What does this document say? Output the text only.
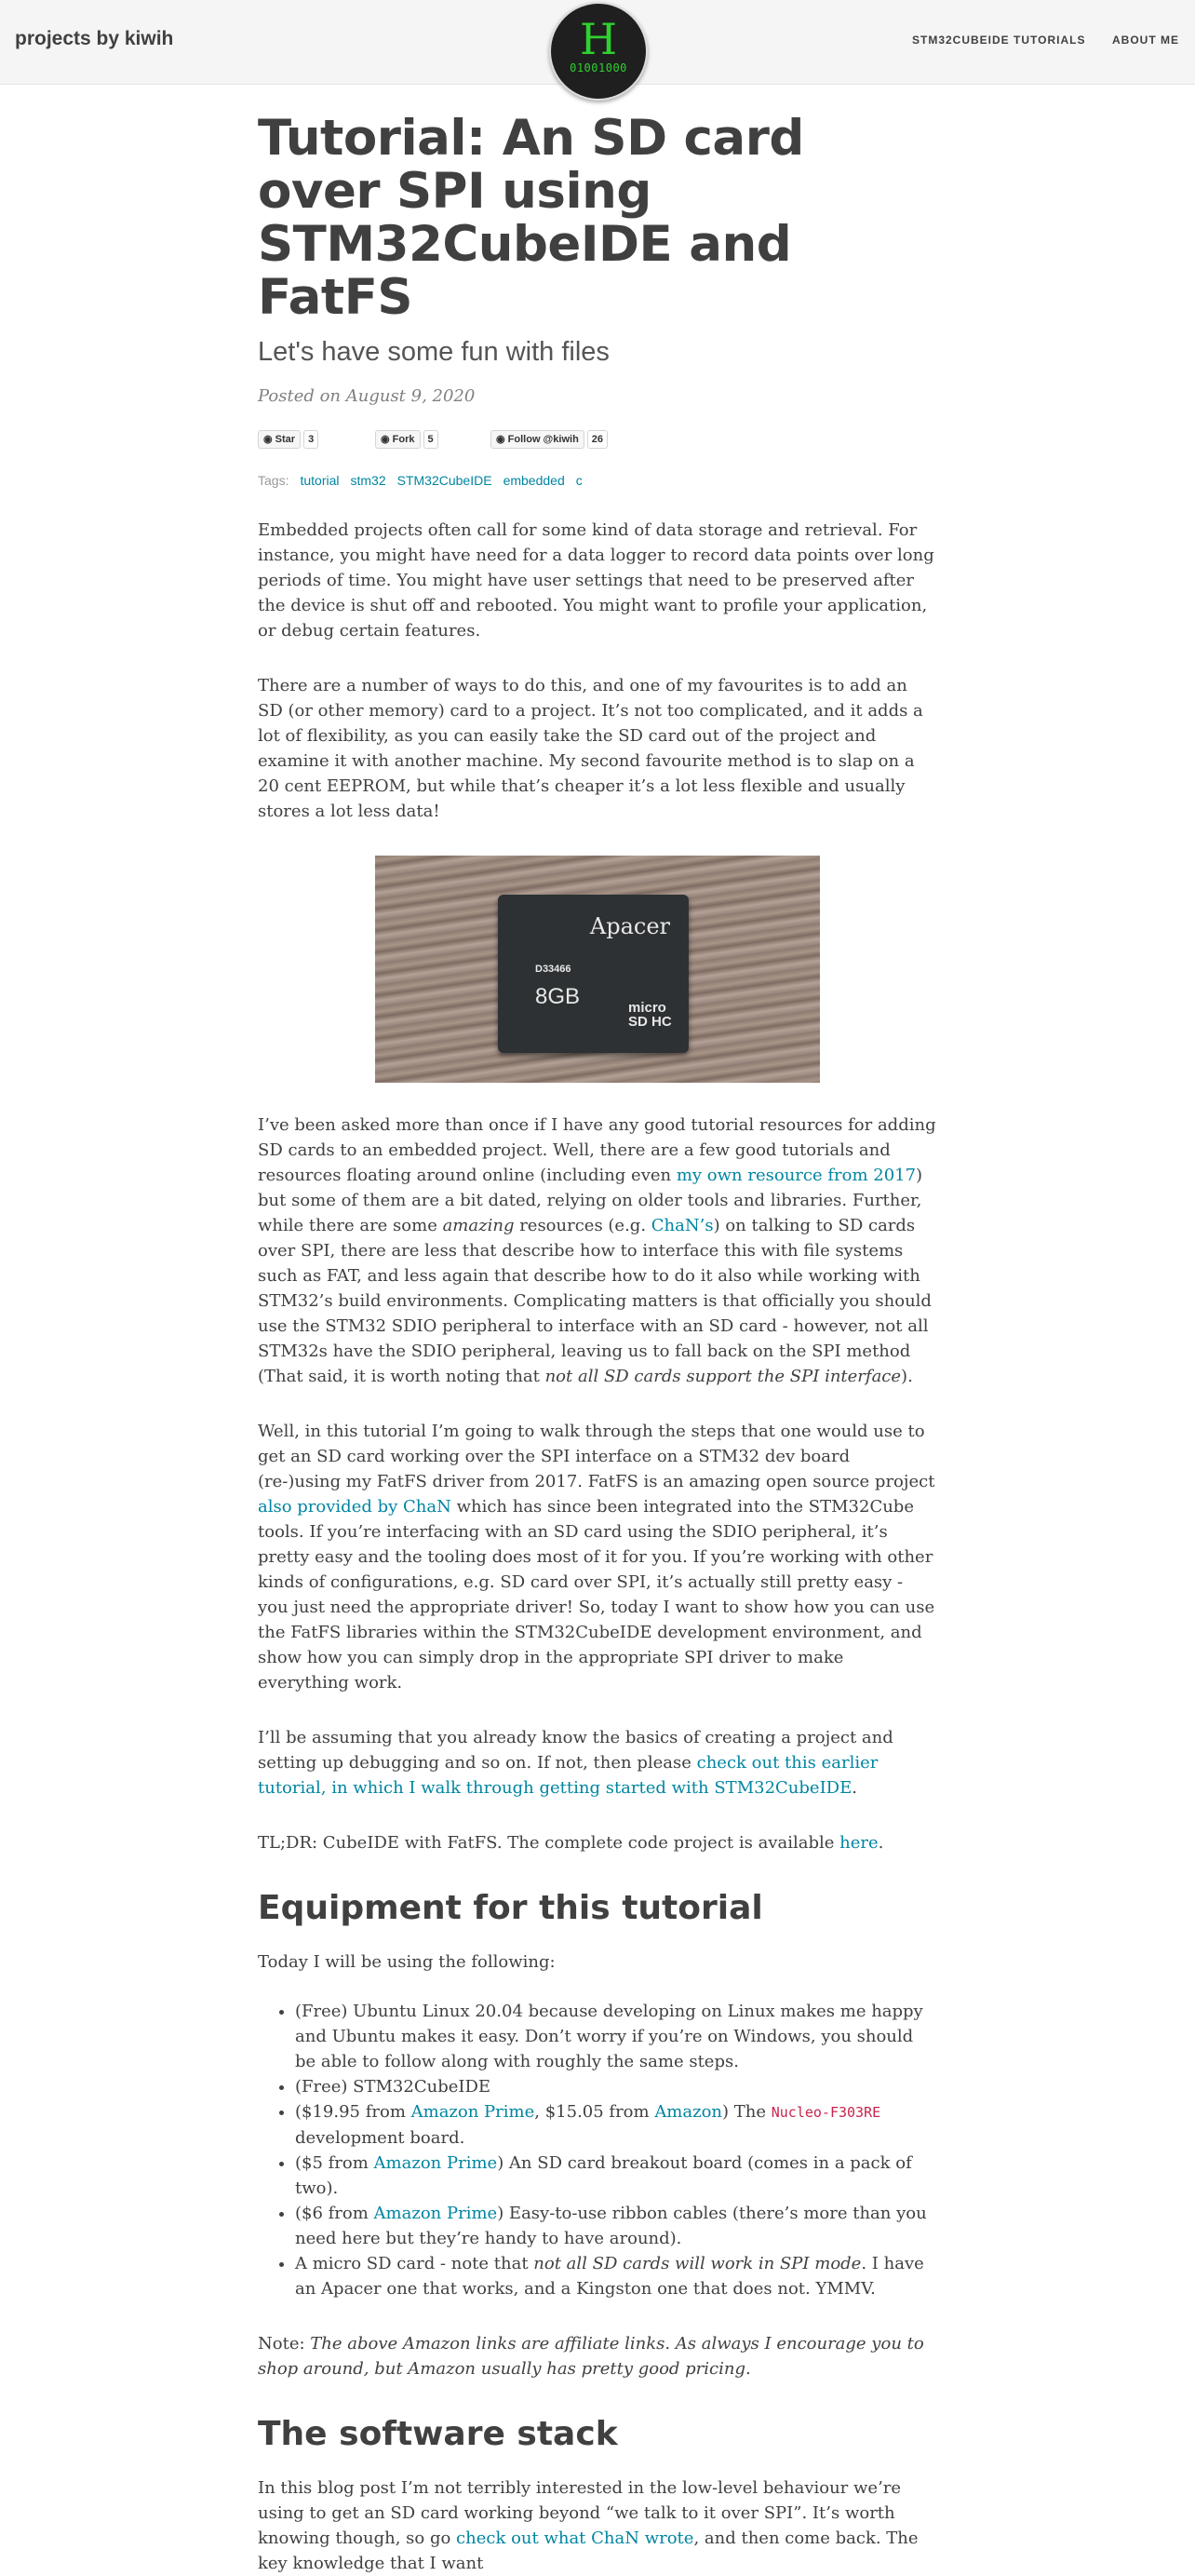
projects by kiwih	H
01001000
STM32CUBEIDE TUTORIALS ABOUT ME
Tutorial: An SD card over SPI using STM32CubeIDE and FatFS
Let's have some fun with files
Posted on August 9, 2020
◉ Star 3	◉ Fork 5	◉ Follow @kiwih 26
Tags: tutorial stm32 STM32CubeIDE embedded c

Embedded projects often call for some kind of data storage and retrieval. For instance, you might have need for a data logger to record data points over long periods of time. You might have user settings that need to be preserved after the device is shut off and rebooted. You might want to profile your application, or debug certain features.

There are a number of ways to do this, and one of my favourites is to add an SD (or other memory) card to a project. It’s not too complicated, and it adds a lot of flexibility, as you can easily take the SD card out of the project and examine it with another machine. My second favourite method is to slap on a 20 cent EEPROM, but while that’s cheaper it’s a lot less flexible and usually stores a lot less data!

Apacer
D33466
8GB	micro SD HC

I’ve been asked more than once if I have any good tutorial resources for adding SD cards to an embedded project. Well, there are a few good tutorials and resources floating around online (including even my own resource from 2017) but some of them are a bit dated, relying on older tools and libraries. Further, while there are some amazing resources (e.g. ChaN’s) on talking to SD cards over SPI, there are less that describe how to interface this with file systems such as FAT, and less again that describe how to do it also while working with STM32’s build environments. Complicating matters is that officially you should use the STM32 SDIO peripheral to interface with an SD card - however, not all STM32s have the SDIO peripheral, leaving us to fall back on the SPI method (That said, it is worth noting that not all SD cards support the SPI interface).

Well, in this tutorial I’m going to walk through the steps that one would use to get an SD card working over the SPI interface on a STM32 dev board (re-)using my FatFS driver from 2017. FatFS is an amazing open source project also provided by ChaN which has since been integrated into the STM32Cube tools. If you’re interfacing with an SD card using the SDIO peripheral, it’s pretty easy and the tooling does most of it for you. If you’re working with other kinds of configurations, e.g. SD card over SPI, it’s actually still pretty easy - you just need the appropriate driver! So, today I want to show how you can use the FatFS libraries within the STM32CubeIDE development environment, and show how you can simply drop in the appropriate SPI driver to make everything work.

I’ll be assuming that you already know the basics of creating a project and setting up debugging and so on. If not, then please check out this earlier tutorial, in which I walk through getting started with STM32CubeIDE.

TL;DR: CubeIDE with FatFS. The complete code project is available here.

Equipment for this tutorial

Today I will be using the following:

• (Free) Ubuntu Linux 20.04 because developing on Linux makes me happy and Ubuntu makes it easy. Don’t worry if you’re on Windows, you should be able to follow along with roughly the same steps.
• (Free) STM32CubeIDE
• ($19.95 from Amazon Prime, $15.05 from Amazon) The Nucleo-F303RE development board.
• ($5 from Amazon Prime) An SD card breakout board (comes in a pack of two).
• ($6 from Amazon Prime) Easy-to-use ribbon cables (there’s more than you need here but they’re handy to have around).
• A micro SD card - note that not all SD cards will work in SPI mode. I have an Apacer one that works, and a Kingston one that does not. YMMV.

Note: The above Amazon links are affiliate links. As always I encourage you to shop around, but Amazon usually has pretty good pricing.

The software stack

In this blog post I’m not terribly interested in the low-level behaviour we’re using to get an SD card working beyond “we talk to it over SPI”. It’s worth knowing though, so go check out what ChaN wrote, and then come back. The key knowledge that I want
